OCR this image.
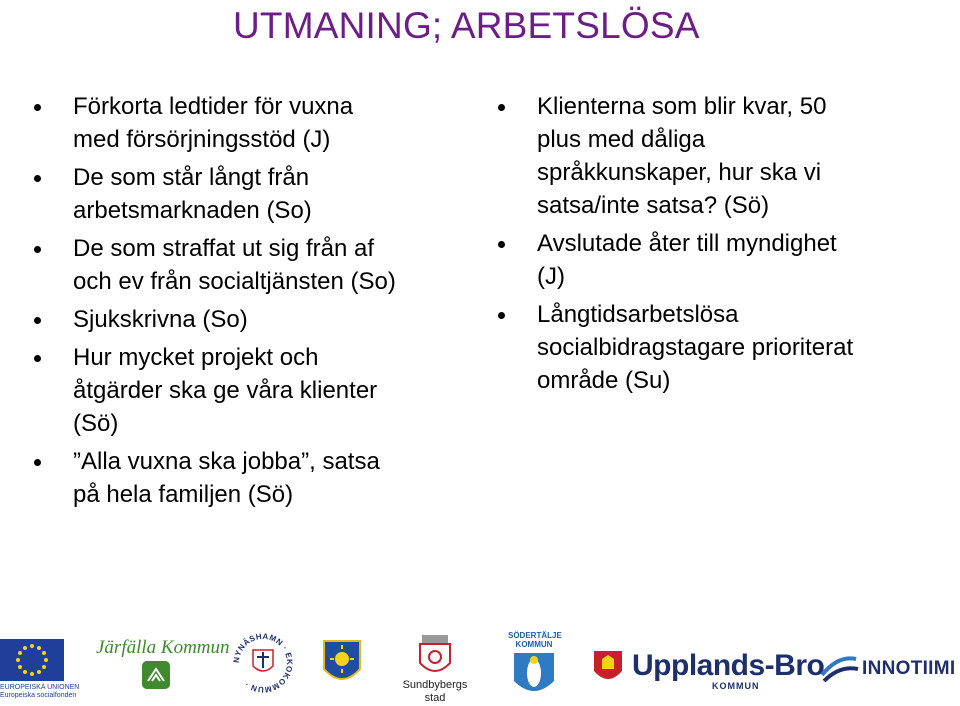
UTMANING; ARBETSLÖSA
Förkorta ledtider för vuxna
med försörjningsstöd (J)
De som står långt från
arbetsmarknaden (So)
De som straffat ut sig från af
och ev från socialtjänsten (So)
Sjukskrivna (So)
Hur mycket projekt och
åtgärder ska ge våra klienter
(Sö)
”Alla vuxna ska jobba”, satsa
på hela familjen (Sö)
Klienterna som blir kvar, 50
plus med dåliga
språkkunskaper, hur ska vi
satsa/inte satsa? (Sö)
Avslutade åter till myndighet
(J)
Långtidsarbetslösa
socialbidragstagare prioriterat
område (Su)
EUROPEISKA UNIONEN
Europeiska socialfonden
Järfälla Kommun
NYNÄSHAMN · EKOKOMMUN ·	Sundbybergs
stad
SÖDERTÄLJE
KOMMUN
Upplands-Bro
KOMMUN
INNOTIIMI
